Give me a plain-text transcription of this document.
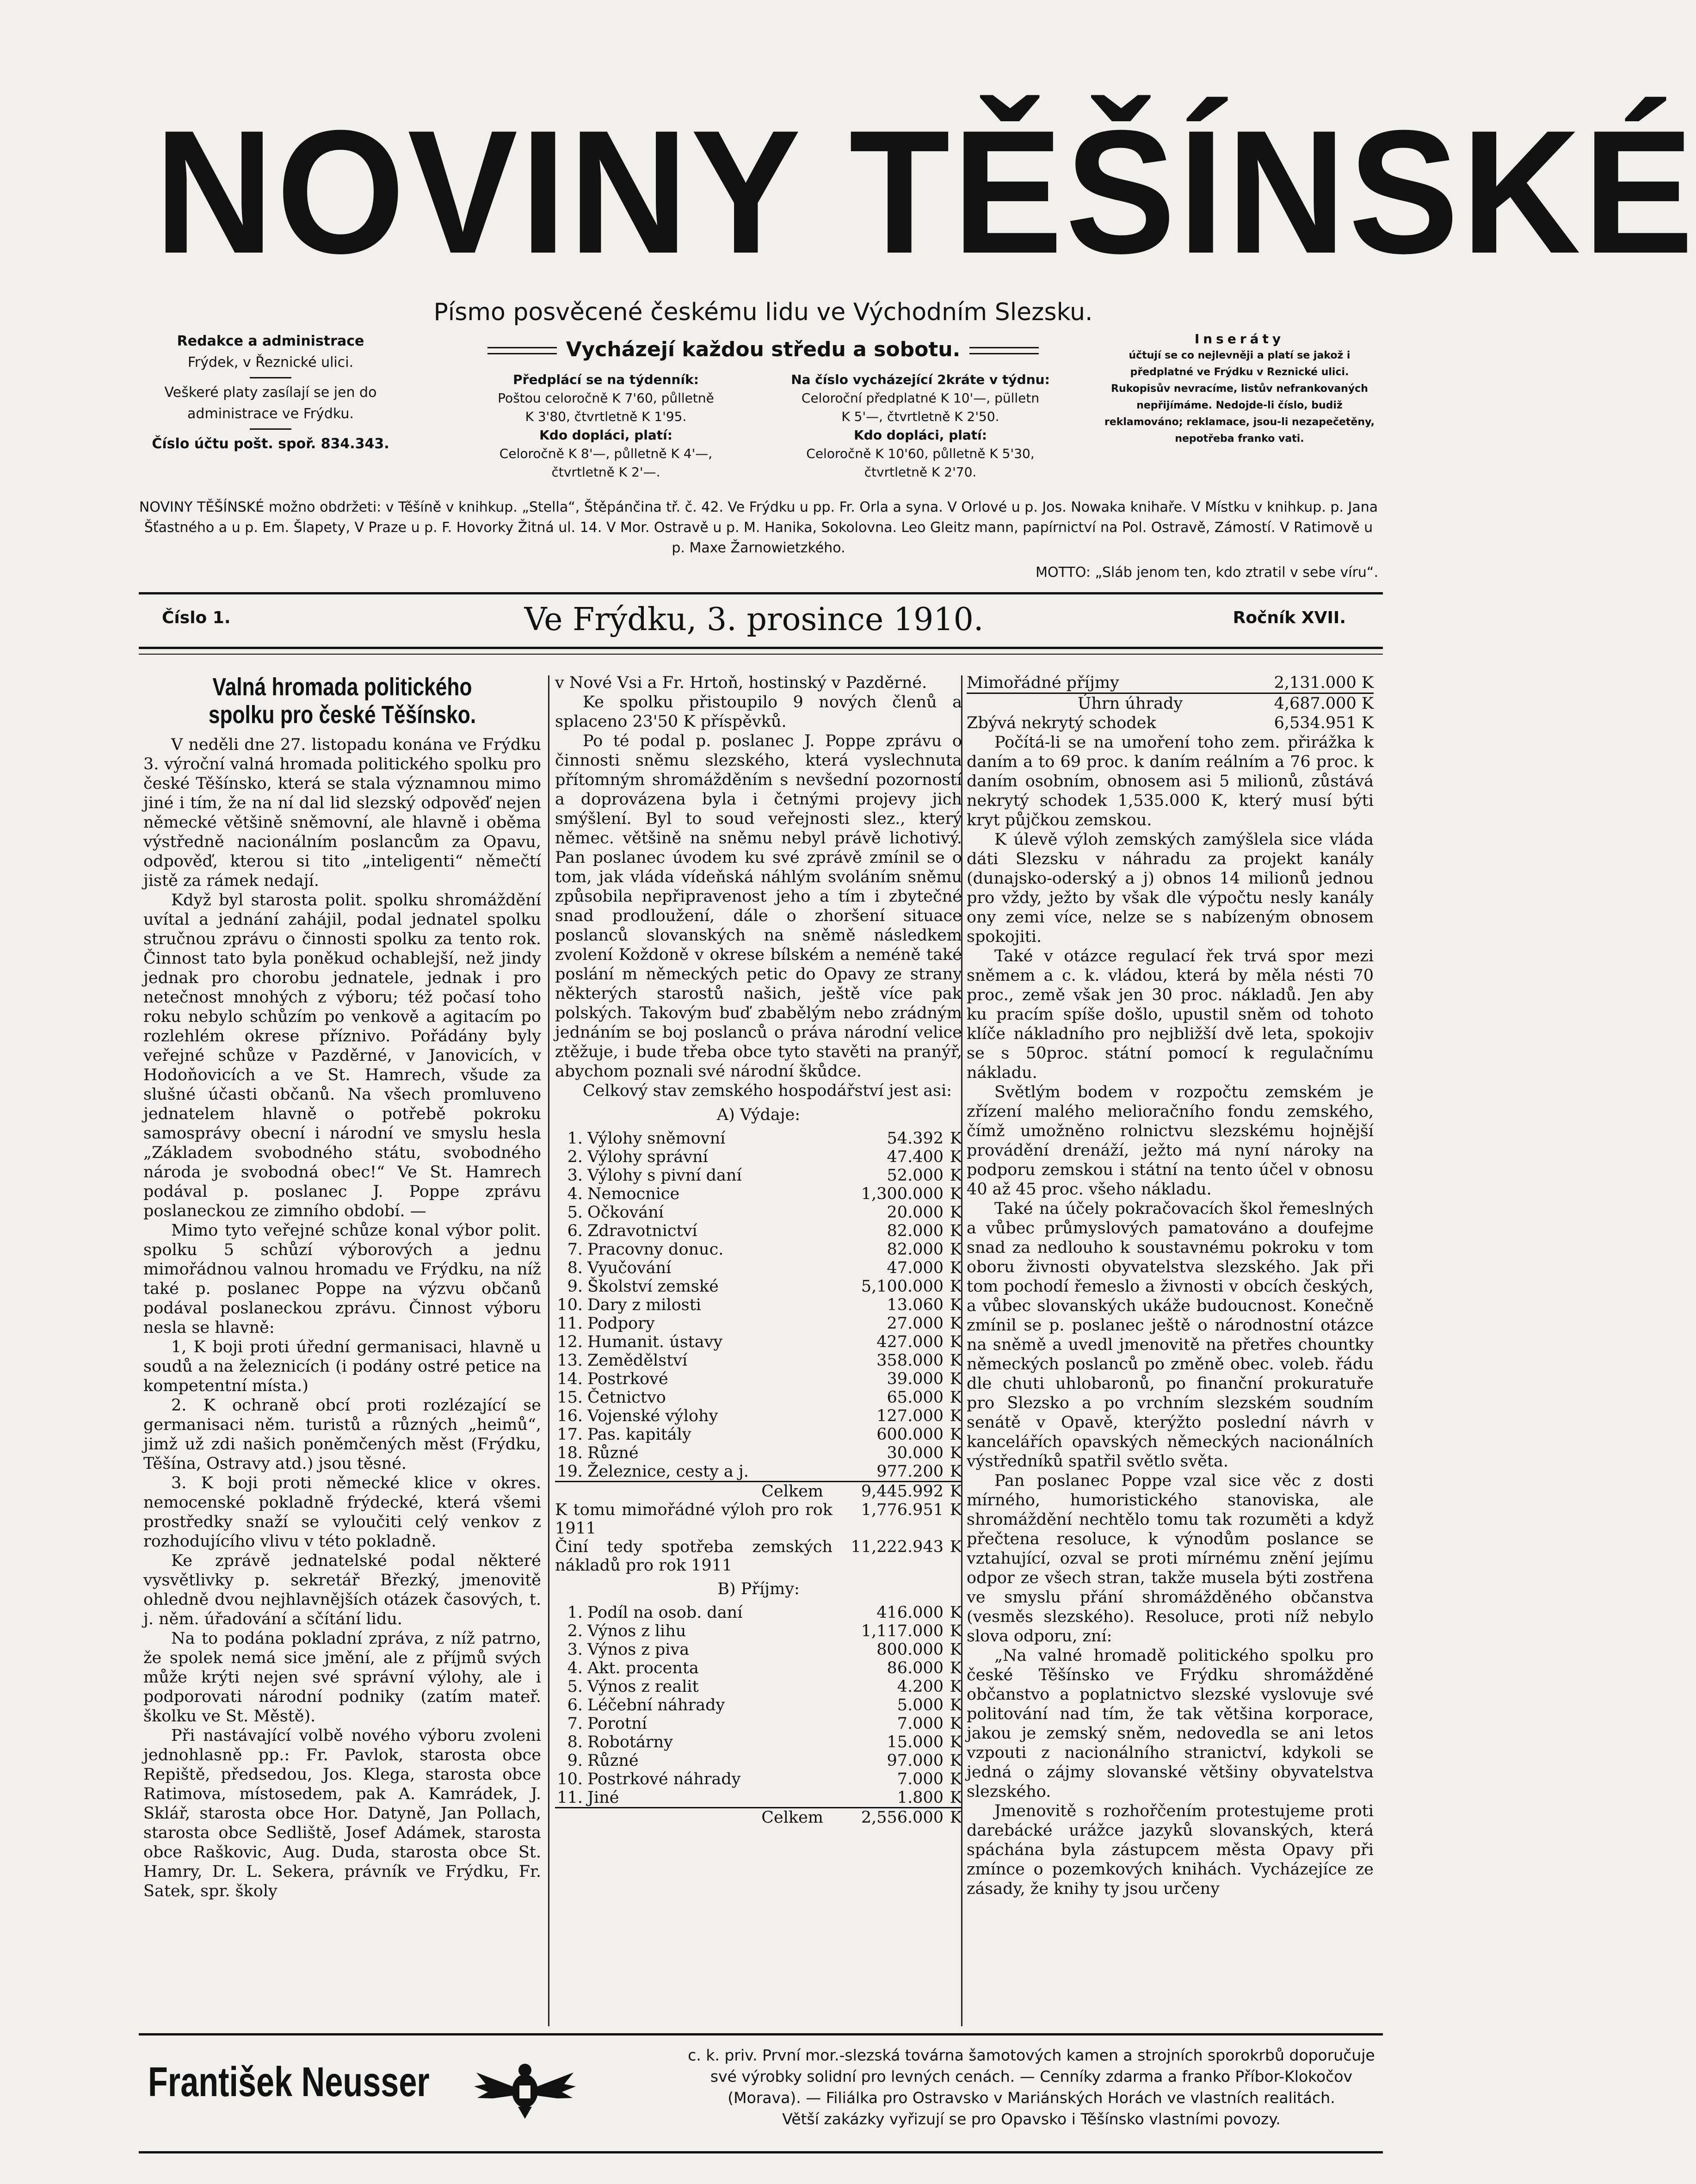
NOVINY TĚŠÍNSKÉ
Písmo posvěcené českému lidu ve Východním Slezsku.
Redakce a administrace
Frýdek, v Řeznické ulici.
Veškeré platy zasílají se jen do administrace ve Frýdku.
Číslo účtu pošt. spoř. 834.343.
Vycházejí každou středu a sobotu.
Předplácí se na týdenník:
Poštou celoročně K 7'60, půlletně
K 3'80, čtvrtletně K 1'95.
Kdo dopláci, platí:
Celoročně K 8'—, půlletně K 4'—,
čtvrtletně K 2'—.
Na číslo vycházející 2kráte v týdnu:
Celoroční předplatné K 10'—, pülletn
K 5'—, čtvrtletně K 2'50.
Kdo dopláci, platí:
Celoročně K 10'60, půlletně K 5'30,
čtvrtletně K 2'70.
Inseráty
účtují se co nejlevněji a platí se jakož i předplatné ve Frýdku v Reznické ulici.
Rukopisův nevracíme, listův nefrankovaných nepřijímáme. Nedojde-li číslo, budiž reklamováno; reklamace, jsou-li nezapečetěny, nepotřeba franko vati.
NOVINY TĚŠÍNSKÉ možno obdržeti: v Těšíně v knihkup. „Stella“, Štěpánčina tř. č. 42. Ve Frýdku u pp. Fr. Orla a syna. V Orlové u p. Jos. Nowaka knihaře. V Místku v knihkup. p. Jana Šťastného a u p. Em. Šlapety, V Praze u p. F. Hovorky Žitná ul. 14. V Mor. Ostravě u p. M. Hanika, Sokolovna. Leo Gleitz mann, papírnictví na Pol. Ostravě, Zámostí. V Ratimově u p. Maxe Žarnowietzkého.
MOTTO: „Sláb jenom ten, kdo ztratil v sebe víru“.
Číslo 1.	Ve Frýdku, 3. prosince 1910.	Ročník XVII.
Valná hromada politického spolku pro české Těšínsko.

V neděli dne 27. listopadu konána ve Frýdku 3. výroční valná hromada politického spolku pro české Těšínsko, která se stala významnou mimo jiné i tím, že na ní dal lid slezský odpověď nejen německé většině sněmovní, ale hlavně i oběma výstředně nacionálním poslancům za Opavu, odpověď, kterou si tito „inteligenti“ němečtí jistě za rámek nedají.

Když byl starosta polit. spolku shromáždění uvítal a jednání zahájil, podal jednatel spolku stručnou zprávu o činnosti spolku za tento rok. Činnost tato byla poněkud ochablejší, než jindy jednak pro chorobu jednatele, jednak i pro netečnost mnohých z výboru; též počasí toho roku nebylo schůzím po venkově a agitacím po rozlehlém okrese příznivo. Pořádány byly veřejné schůze v Pazděrné, v Janovicích, v Hodoňovicích a ve St. Hamrech, všude za slušné účasti občanů. Na všech promluveno jednatelem hlavně o potřebě pokroku samosprávy obecní i národní ve smyslu hesla „Základem svobodného státu, svobodného národa je svobodná obec!“ Ve St. Hamrech podával p. poslanec J. Poppe zprávu poslaneckou ze zimního období. —

Mimo tyto veřejné schůze konal výbor polit. spolku 5 schůzí výborových a jednu mimořádnou valnou hromadu ve Frýdku, na níž také p. poslanec Poppe na výzvu občanů podával poslaneckou zprávu. Činnost výboru nesla se hlavně:

1, K boji proti úřední germanisaci, hlavně u soudů a na železnicích (i podány ostré petice na kompetentní místa.)

2. K ochraně obcí proti rozlézající se germanisaci něm. turistů a různých „heimů“, jimž už zdi našich poněmčených měst (Frýdku, Těšína, Ostravy atd.) jsou těsné.

3. K boji proti německé klice v okres. nemocenské pokladně frýdecké, která všemi prostředky snaží se vyloučiti celý venkov z rozhodujícího vlivu v této pokladně.

Ke zprávě jednatelské podal některé vysvětlivky p. sekretář Březký, jmenovitě ohledně dvou nejhlavnějších otázek časových, t. j. něm. úřadování a sčítání lidu.

Na to podána pokladní zpráva, z níž patrno, že spolek nemá sice jmění, ale z příjmů svých může krýti nejen své správní výlohy, ale i podporovati národní podniky (zatím mateř. školku ve St. Městě).

Při nastávající volbě nového výboru zvoleni jednohlasně pp.: Fr. Pavlok, starosta obce Repiště, předsedou, Jos. Klega, starosta obce Ratimova, místosedem, pak A. Kamrádek, J. Sklář, starosta obce Hor. Datyně, Jan Pollach, starosta obce Sedliště, Josef Adámek, starosta obce Raškovic, Aug. Duda, starosta obce St. Hamry, Dr. L. Sekera, právník ve Frýdku, Fr. Satek, spr. školy

v Nové Vsi a Fr. Hrtoň, hostinský v Pazděrné.

Ke spolku přistoupilo 9 nových členů a splaceno 23'50 K příspěvků.

Po té podal p. poslanec J. Poppe zprávu o činnosti sněmu slezského, která vyslechnuta přítomným shromážděním s nevšední pozorností a doprovázena byla i četnými projevy jich smýšlení. Byl to soud veřejnosti slez., který němec. většině na sněmu nebyl právě lichotivý. Pan poslanec úvodem ku své zprávě zmínil se o tom, jak vláda vídeňská náhlým svoláním sněmu způsobila nepřipravenost jeho a tím i zbytečné snad prodloužení, dále o zhoršení situace poslanců slovanských na sněmě následkem zvolení Koždoně v okrese bílském a neméně také poslání m německých petic do Opavy ze strany některých starostů našich, ještě více pak polských. Takovým buď zbabělým nebo zrádným jednáním se boj poslanců o práva národní velice ztěžuje, i bude třeba obce tyto stavěti na pranýř, abychom poznali své národní škůdce.

Celkový stav zemského hospodářství jest asi:

A) Výdaje:
1.	Výlohy sněmovní	54.392	K
2.	Výlohy správní	47.400	K
3.	Výlohy s pivní daní	52.000	K
4.	Nemocnice	1,300.000	K
5.	Očkování	20.000	K
6.	Zdravotnictví	82.000	K
7.	Pracovny donuc.	82.000	K
8.	Vyučování	47.000	K
9.	Školství zemské	5,100.000	K
10.	Dary z milosti	13.060	K
11.	Podpory	27.000	K
12.	Humanit. ústavy	427.000	K
13.	Zemědělství	358.000	K
14.	Postrkové	39.000	K
15.	Četnictvo	65.000	K
16.	Vojenské výlohy	127.000	K
17.	Pas. kapitály	600.000	K
18.	Různé	30.000	K
19.	Železnice, cesty a j.	977.200	K
	Celkem	9,445.992	K
K tomu mimořádné výloh pro rok 1911		1,776.951	K
Činí tedy spotřeba zemských nákladů pro rok 1911		11,222.943	K
B) Příjmy:
1.	Podíl na osob. daní	416.000	K
2.	Výnos z lihu	1,117.000	K
3.	Výnos z piva	800.000	K
4.	Akt. procenta	86.000	K
5.	Výnos z realit	4.200	K
6.	Léčební náhrady	5.000	K
7.	Porotní	7.000	K
8.	Robotárny	15.000	K
9.	Různé	97.000	K
10.	Postrkové náhrady	7.000	K
11.	Jiné	1.800	K
	Celkem	2,556.000	K
Mimořádné příjmy	2,131.000 K
Úhrn úhrady	4,687.000 K
Zbývá nekrytý schodek	6,534.951 K

Počítá-li se na umoření toho zem. přirážka k daním a to 69 proc. k daním reálním a 76 proc. k daním osobním, obnosem asi 5 milionů, zůstává nekrytý schodek 1,535.000 K, který musí býti kryt půjčkou zemskou.

K úlevě výloh zemských zamýšlela sice vláda dáti Slezsku v náhradu za projekt kanály (dunajsko-oderský a j) obnos 14 milionů jednou pro vždy, ježto by však dle výpočtu nesly kanály ony zemi více, nelze se s nabízeným obnosem spokojiti.

Také v otázce regulací řek trvá spor mezi sněmem a c. k. vládou, která by měla nésti 70 proc., země však jen 30 proc. nákladů. Jen aby ku pracím spíše došlo, upustil sněm od tohoto klíče nákladního pro nejbližší dvě leta, spokojiv se s 50proc. státní pomocí k regulačnímu nákladu.

Světlým bodem v rozpočtu zemském je zřízení malého melioračního fondu zemského, čímž umožněno rolnictvu slezskému hojnější provádění drenáží, ježto má nyní nároky na podporu zemskou i státní na tento účel v obnosu 40 až 45 proc. všeho nákladu.

Také na účely pokračovacích škol řemeslných a vůbec průmyslových pamatováno a doufejme snad za nedlouho k soustavnému pokroku v tom oboru živnosti obyvatelstva slezského. Jak při tom pochodí řemeslo a živnosti v obcích českých, a vůbec slovanských ukáže budoucnost. Konečně zmínil se p. poslanec ještě o národnostní otázce na sněmě a uvedl jmenovitě na přetřes chountky německých poslanců po změně obec. voleb. řádu dle chuti uhlobaronů, po finanční prokuratuře pro Slezsko a po vrchním slezském soudním senátě v Opavě, kterýžto poslední návrh v kancelářích opavských německých nacionálních výstředníků spatřil světlo světa.

Pan poslanec Poppe vzal sice věc z dosti mírného, humoristického stanoviska, ale shromáždění nechtělo tomu tak rozuměti a když přečtena resoluce, k výnodům poslance se vztahující, ozval se proti mírnému znění jejímu odpor ze všech stran, takže musela býti zostřena ve smyslu přání shromážděného občanstva (vesměs slezského). Resoluce, proti níž nebylo slova odporu, zní:

„Na valné hromadě politického spolku pro české Těšínsko ve Frýdku shromážděné občanstvo a poplatnictvo slezské vyslovuje své politování nad tím, že tak většina korporace, jakou je zemský sněm, nedovedla se ani letos vzpouti z nacionálního stranictví, kdykoli se jedná o zájmy slovanské většiny obyvatelstva slezského.

Jmenovitě s rozhořčením protestujeme proti darebácké urážce jazyků slovanských, která spáchána byla zástupcem města Opavy při zmínce o pozemkových knihách. Vycházejíce ze zásady, že knihy ty jsou určeny

František Neusser
c. k. priv. První mor.-slezská továrna šamotových kamen a strojních sporokrbů doporučuje
své výrobky solidní pro levných cenách. — Cenníky zdarma a franko Příbor-Klokočov
(Morava). — Filiálka pro Ostravsko v Mariánských Horách ve vlastních realitách.
Větší zakázky vyřizují se pro Opavsko i Těšínsko vlastními povozy.
